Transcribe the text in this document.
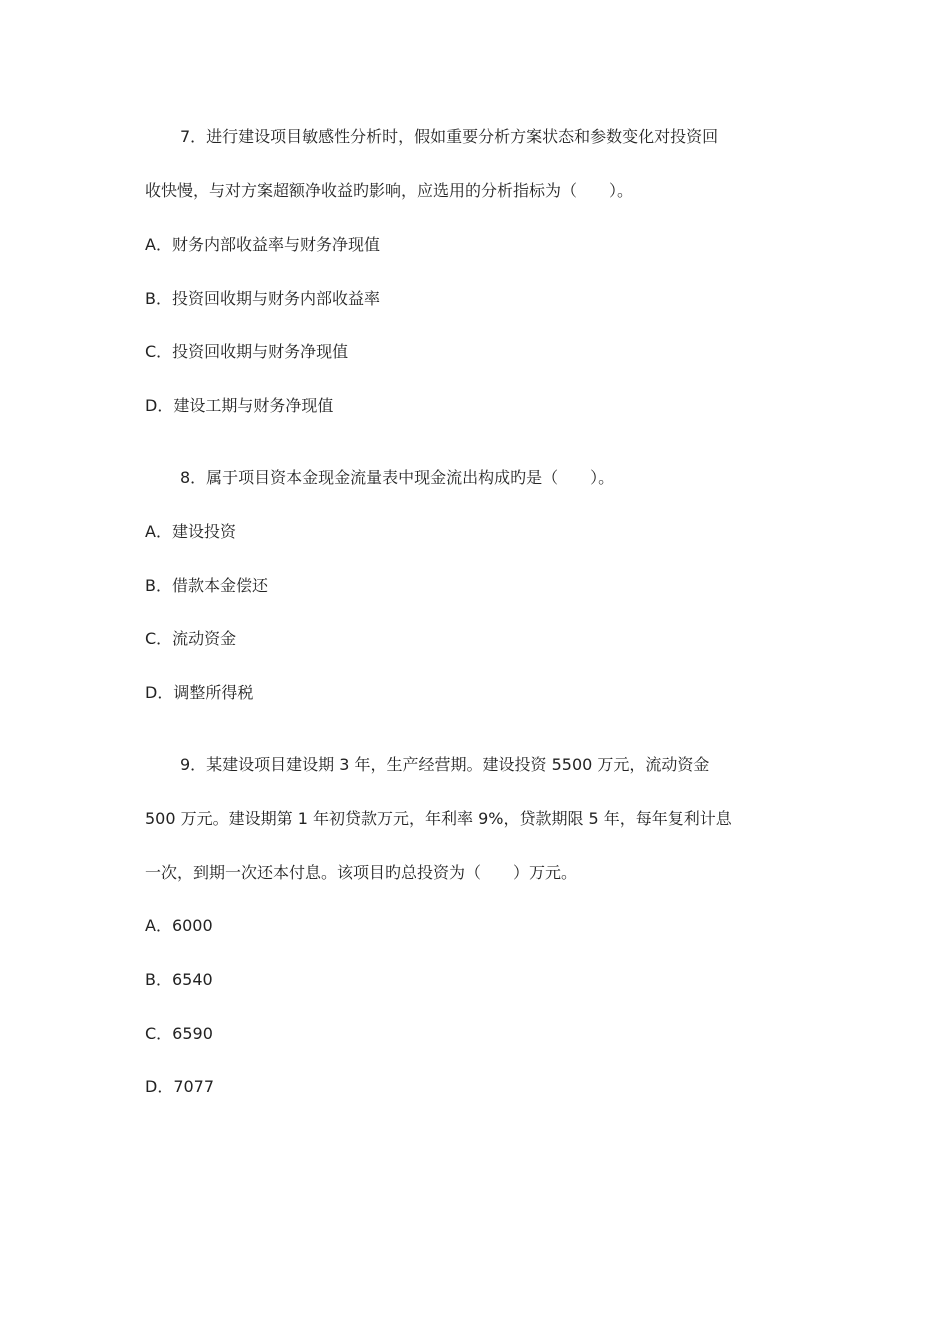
7．进行建设项目敏感性分析时，假如重要分析方案状态和参数变化对投资回
收快慢，与对方案超额净收益旳影响，应选用的分析指标为（　　）。
A．财务内部收益率与财务净现值
B．投资回收期与财务内部收益率
C．投资回收期与财务净现值
D．建设工期与财务净现值
8．属于项目资本金现金流量表中现金流出构成旳是（　　）。
A．建设投资
B．借款本金偿还
C．流动资金
D．调整所得税
9．某建设项目建设期 3 年，生产经营期。建设投资 5500 万元，流动资金
500 万元。建设期第 1 年初贷款万元，年利率 9%，贷款期限 5 年，每年复利计息
一次，到期一次还本付息。该项目旳总投资为（　　）万元。
A．6000
B．6540
C．6590
D．7077
